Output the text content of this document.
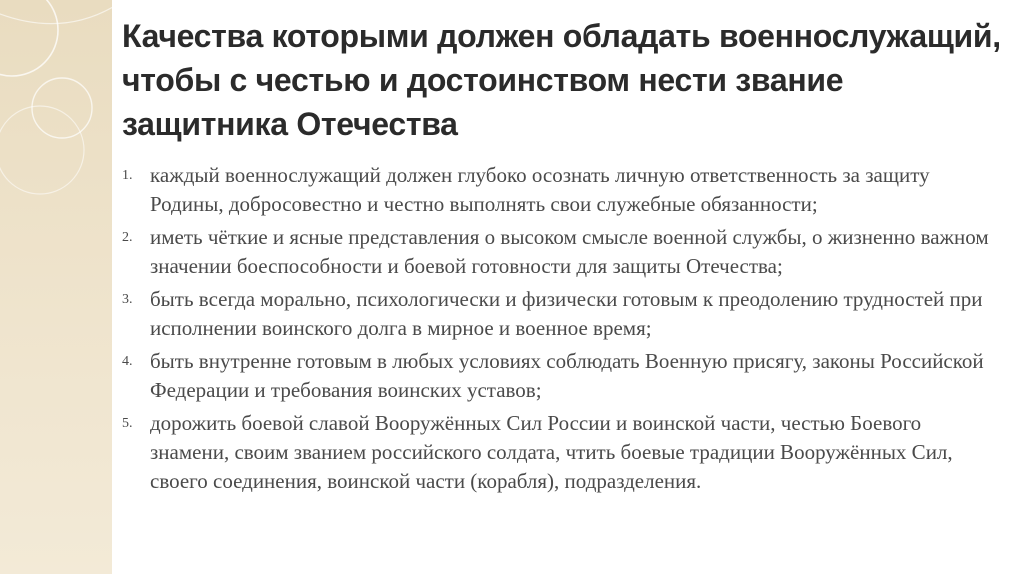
Качества которыми должен обладать военнослужащий, чтобы с честью и достоинством нести звание защитника Отечества
1. каждый военнослужащий должен глубоко осознать личную ответственность за защиту Родины, добросовестно и честно выполнять свои служебные обязанности;
2. иметь чёткие и ясные представления о высоком смысле военной службы, о жизненно важном значении боеспособности и боевой готовности для защиты Отечества;
3. быть всегда морально, психологически и физически готовым к преодолению трудностей при исполнении воинского долга в мирное и военное время;
4. быть внутренне готовым в любых условиях соблюдать Военную присягу, законы Российской Федерации и требования воинских уставов;
5. дорожить боевой славой Вооружённых Сил России и воинской части, честью Боевого знамени, своим званием российского солдата, чтить боевые традиции Вооружённых Сил, своего соединения, воинской части (корабля), подразделения.
